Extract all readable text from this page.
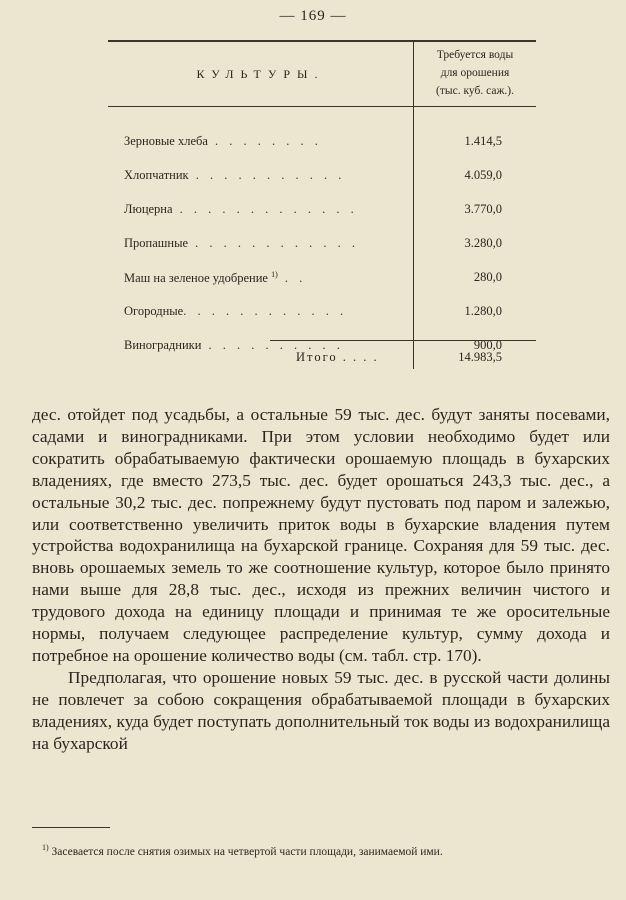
— 169 —
КУЛЬТУРЫ.
Требуется воды
для орошения
(тыс. куб. саж.).
Зерновые хлеба . . . . . . . .	1.414,5
Хлопчатник . . . . . . . . . . .	4.059,0
Люцерна . . . . . . . . . . . . .	3.770,0
Пропашные . . . . . . . . . . . .	3.280,0
Маш на зеленое удобрение $^{1)}$ . .	280,0
Огородные. . . . . . . . . . . .	1.280,0
Виноградники . . . . . . . . . .	900,0
Итого . . . .	14.983,5

дес. отойдет под усадьбы, а остальные 59 тыс. дес. будут заняты посевами, садами и виноградниками. При этом условии необходимо будет или сократить обрабатываемую фактически орошаемую площадь в бухарских владениях, где вместо 273,5 тыс. дес. будет орошаться 243,3 тыс. дес., а остальные 30,2 тыс. дес. попрежнему будут пустовать под паром и залежью, или соответственно увеличить приток воды в бухарские владения путем устройства водохранилища на бухарской границе. Сохраняя для 59 тыс. дес. вновь орошаемых земель то же соотношение культур, которое было принято нами выше для 28,8 тыс. дес., исходя из прежних величин чистого и трудового дохода на единицу площади и принимая те же оросительные нормы, получаем следующее распределение культур, сумму дохода и потребное на орошение количество воды (см. табл. стр. 170).

Предполагая, что орошение новых 59 тыс. дес. в русской части долины не повлечет за собою сокращения обрабатываемой площади в бухарских владениях, куда будет поступать дополнительный ток воды из водохранилища на бухарской

$^{1)}$ Засевается после снятия озимых на четвертой части площади, занимаемой ими.
